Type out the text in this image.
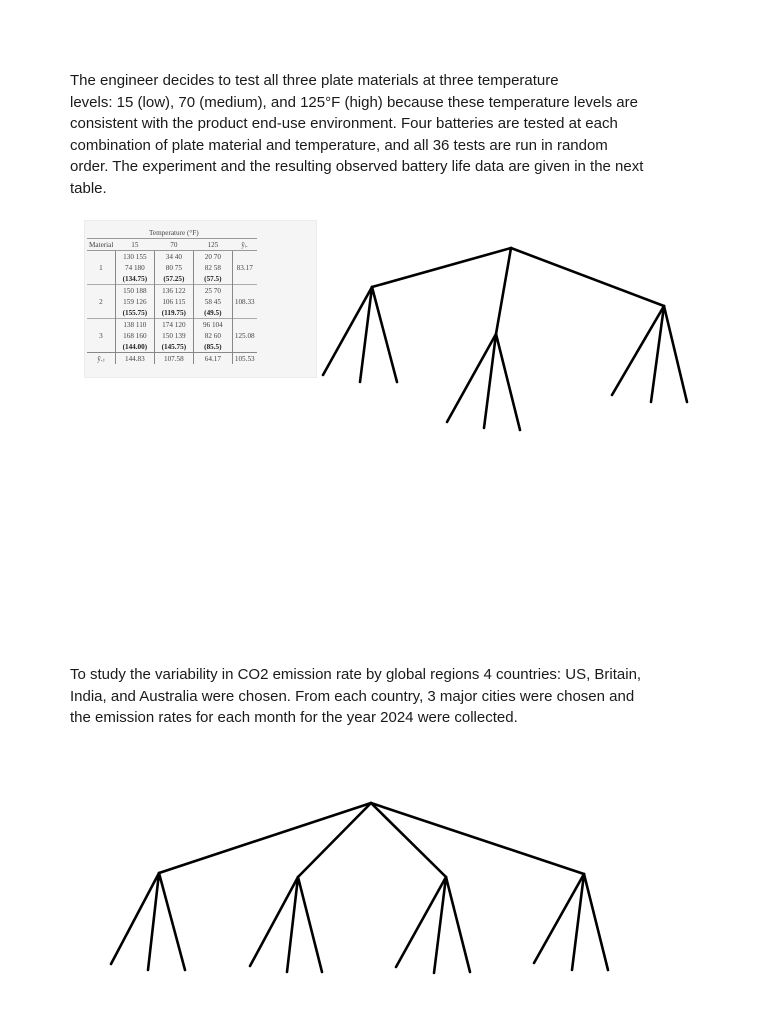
The engineer decides to test all three plate materials at three temperature
levels: 15 (low), 70 (medium), and 125°F (high) because these temperature levels are
consistent with the product end-use environment. Four batteries are tested at each
combination of plate material and temperature, and all 36 tests are run in random
order. The experiment and the resulting observed battery life data are given in the next
table.

	Temperature (°F)			
Material	15	70	125	ȳᵢ.
1	130 155	34 40	20 70	83.17
	74 180	80 75	82 58	
	(134.75)	(57.25)	(57.5)	
2	150 188	136 122	25 70	108.33
	159 126	106 115	58 45	
	(155.75)	(119.75)	(49.5)	
3	138 110	174 120	96 104	125.08
	168 160	150 139	82 60	
	(144.00)	(145.75)	(85.5)	
ȳ.ⱼ	144.83	107.58	64.17	105.53

To study the variability in CO2 emission rate by global regions 4 countries: US, Britain,
India, and Australia were chosen. From each country, 3 major cities were chosen and
the emission rates for each month for the year 2024 were collected.
